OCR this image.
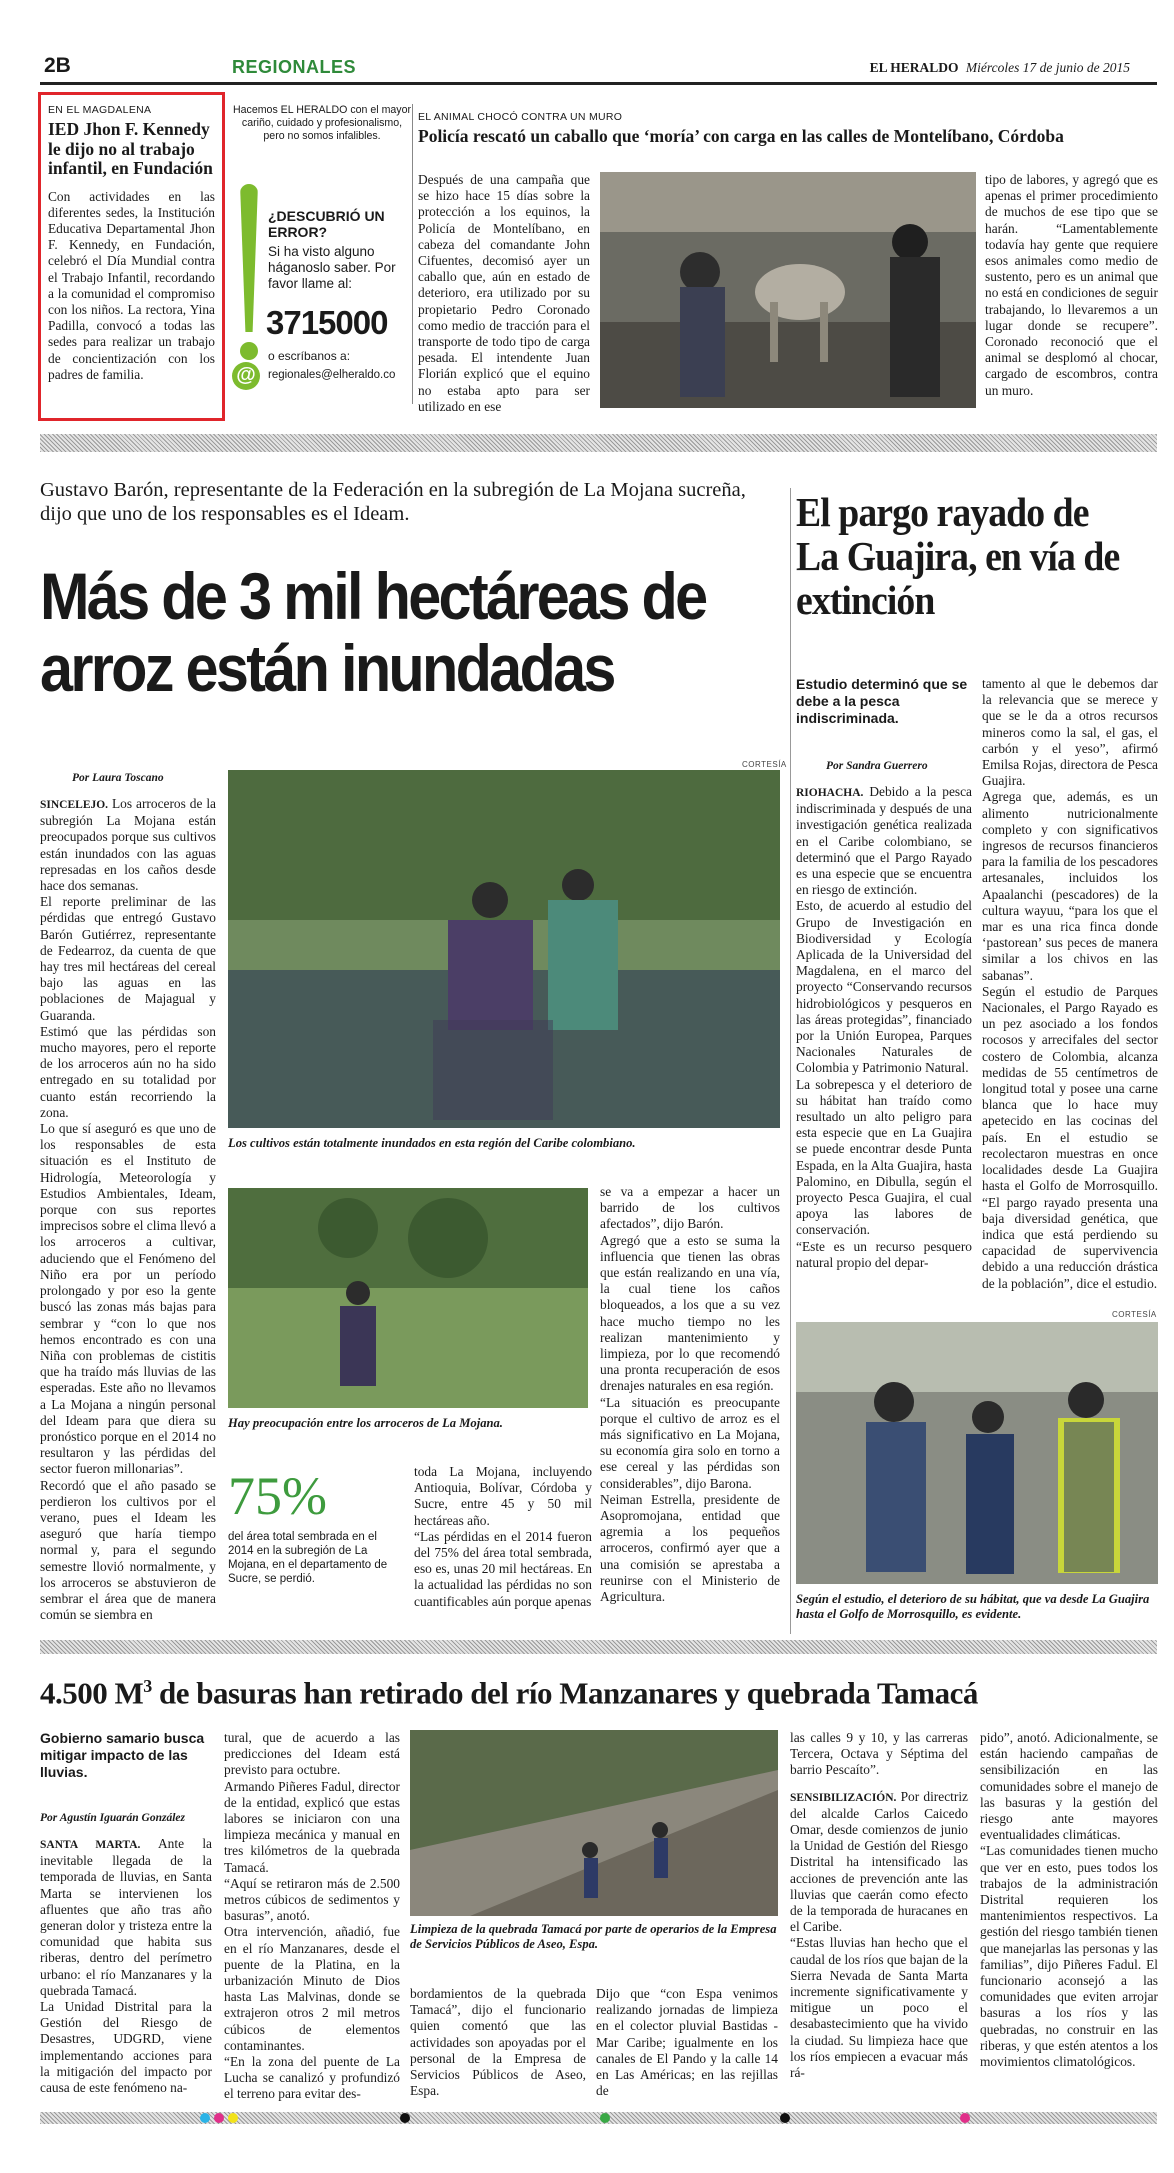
2B	REGIONALES	EL HERALDO Miércoles 17 de junio de 2015
EN EL MAGDALENA
IED Jhon F. Kennedy le dijo no al trabajo infantil, en Fundación
Con actividades en las diferentes sedes, la Institución Educativa Departamental Jhon F. Kennedy, en Fundación, celebró el Día Mundial contra el Trabajo Infantil, recordando a la comunidad el compromiso con los niños. La rectora, Yina Padilla, convocó a todas las sedes para realizar un trabajo de concientización con los padres de familia.
Hacemos EL HERALDO con el mayor cariño, cuidado y profesionalismo, pero no somos infalibles.
¿DESCUBRIÓ UN ERROR?
Si ha visto alguno háganoslo saber. Por favor llame al:
3715000
o escríbanos a:
@	regionales@elheraldo.co
EL ANIMAL CHOCÓ CONTRA UN MURO
Policía rescató un caballo que ‘moría’ con carga en las calles de Montelíbano, Córdoba
Después de una campaña que se hizo hace 15 días sobre la protección a los equinos, la Policía de Montelíbano, en cabeza del comandante John Cifuentes, decomisó ayer un caballo que, aún en estado de deterioro, era utilizado por su propietario Pedro Coronado como medio de tracción para el transporte de todo tipo de carga pesada. El intendente Juan Florián explicó que el equino no estaba apto para ser utilizado en ese
tipo de labores, y agregó que es apenas el primer procedimiento de muchos de ese tipo que se harán. “Lamentablemente todavía hay gente que requiere esos animales como medio de sustento, pero es un animal que no está en condiciones de seguir trabajando, lo llevaremos a un lugar donde se recupere”. Coronado reconoció que el animal se desplomó al chocar, cargado de escombros, contra un muro.
Gustavo Barón, representante de la Federación en la subregión de La Mojana sucreña, dijo que uno de los responsables es el Ideam.
Más de 3 mil hectáreas de arroz están inundadas
Por Laura Toscano
CORTESÍA

SINCELEJO. Los arroceros de la subregión La Mojana están preocupados porque sus cultivos están inundados con las aguas represadas en los caños desde hace dos semanas.

El reporte preliminar de las pérdidas que entregó Gustavo Barón Gutiérrez, representante de Fedearroz, da cuenta de que hay tres mil hectáreas del cereal bajo las aguas en las poblaciones de Majagual y Guaranda.

Estimó que las pérdidas son mucho mayores, pero el reporte de los arroceros aún no ha sido entregado en su totalidad por cuanto están recorriendo la zona.

Lo que sí aseguró es que uno de los responsables de esta situación es el Instituto de Hidrología, Meteorología y Estudios Ambientales, Ideam, porque con sus reportes imprecisos sobre el clima llevó a los arroceros a cultivar, aduciendo que el Fenómeno del Niño era por un período prolongado y por eso la gente buscó las zonas más bajas para sembrar y “con lo que nos hemos encontrado es con una Niña con problemas de cistitis que ha traído más lluvias de las esperadas. Este año no llevamos a La Mojana a ningún personal del Ideam para que diera su pronóstico porque en el 2014 no resultaron y las pérdidas del sector fueron millonarias”.

Recordó que el año pasado se perdieron los cultivos por el verano, pues el Ideam les aseguró que haría tiempo normal y, para el segundo semestre llovió normalmente, y los arroceros se abstuvieron de sembrar el área que de manera común se siembra en

Los cultivos están totalmente inundados en esta región del Caribe colombiano.
Hay preocupación entre los arroceros de La Mojana.

se va a empezar a hacer un barrido de los cultivos afectados”, dijo Barón.

Agregó que a esto se suma la influencia que tienen las obras que están realizando en una vía, la cual tiene los caños bloqueados, a los que a su vez hace mucho tiempo no les realizan mantenimiento y limpieza, por lo que recomendó una pronta recuperación de esos drenajes naturales en esa región.

“La situación es preocupante porque el cultivo de arroz es el más significativo en La Mojana, su economía gira solo en torno a ese cereal y las pérdidas son considerables”, dijo Barona.

Neiman Estrella, presidente de Asopromojana, entidad que agremia a los pequeños arroceros, confirmó ayer que a una comisión se aprestaba a reunirse con el Ministerio de Agricultura.

75%
del área total sembrada en el 2014 en la subregión de La Mojana, en el departamento de Sucre, se perdió.

toda La Mojana, incluyendo Antioquia, Bolívar, Córdoba y Sucre, entre 45 y 50 mil hectáreas año.

“Las pérdidas en el 2014 fueron del 75% del área total sembrada, eso es, unas 20 mil hectáreas. En la actualidad las pérdidas no son cuantificables aún porque apenas

El pargo rayado de La Guajira, en vía de extinción
Estudio determinó que se debe a la pesca indiscriminada.
Por Sandra Guerrero

RIOHACHA. Debido a la pesca indiscriminada y después de una investigación genética realizada en el Caribe colombiano, se determinó que el Pargo Rayado es una especie que se encuentra en riesgo de extinción.

Esto, de acuerdo al estudio del Grupo de Investigación en Biodiversidad y Ecología Aplicada de la Universidad del Magdalena, en el marco del proyecto “Conservando recursos hidrobiológicos y pesqueros en las áreas protegidas”, financiado por la Unión Europea, Parques Nacionales Naturales de Colombia y Patrimonio Natural.

La sobrepesca y el deterioro de su hábitat han traído como resultado un alto peligro para esta especie que en La Guajira se puede encontrar desde Punta Espada, en la Alta Guajira, hasta Palomino, en Dibulla, según el proyecto Pesca Guajira, el cual apoya las labores de conservación.

“Este es un recurso pesquero natural propio del depar-

tamento al que le debemos dar la relevancia que se merece y que se le da a otros recursos mineros como la sal, el gas, el carbón y el yeso”, afirmó Emilsa Rojas, directora de Pesca Guajira.

Agrega que, además, es un alimento nutricionalmente completo y con significativos ingresos de recursos financieros para la familia de los pescadores artesanales, incluidos los Apaalanchi (pescadores) de la cultura wayuu, “para los que el mar es una rica finca donde ‘pastorean’ sus peces de manera similar a los chivos en las sabanas”.

Según el estudio de Parques Nacionales, el Pargo Rayado es un pez asociado a los fondos rocosos y arrecifales del sector costero de Colombia, alcanza medidas de 55 centímetros de longitud total y posee una carne blanca que lo hace muy apetecido en las cocinas del país. En el estudio se recolectaron muestras en once localidades desde La Guajira hasta el Golfo de Morrosquillo. “El pargo rayado presenta una baja diversidad genética, que indica que está perdiendo su capacidad de supervivencia debido a una reducción drástica de la población”, dice el estudio.

CORTESÍA
Según el estudio, el deterioro de su hábitat, que va desde La Guajira hasta el Golfo de Morrosquillo, es evidente.
4.500 $M^3$ de basuras han retirado del río Manzanares y quebrada Tamacá
Gobierno samario busca mitigar impacto de las lluvias.
Por Agustín Iguarán González

SANTA MARTA. Ante la inevitable llegada de la temporada de lluvias, en Santa Marta se intervienen los afluentes que año tras año generan dolor y tristeza entre la comunidad que habita sus riberas, dentro del perímetro urbano: el río Manzanares y la quebrada Tamacá.

La Unidad Distrital para la Gestión del Riesgo de Desastres, UDGRD, viene implementando acciones para la mitigación del impacto por causa de este fenómeno na-

tural, que de acuerdo a las predicciones del Ideam está previsto para octubre.

Armando Piñeres Fadul, director de la entidad, explicó que estas labores se iniciaron con una limpieza mecánica y manual en tres kilómetros de la quebrada Tamacá.

“Aquí se retiraron más de 2.500 metros cúbicos de sedimentos y basuras”, anotó.

Otra intervención, añadió, fue en el río Manzanares, desde el puente de la Platina, en la urbanización Minuto de Dios hasta Las Malvinas, donde se extrajeron otros 2 mil metros cúbicos de elementos contaminantes.

“En la zona del puente de La Lucha se canalizó y profundizó el terreno para evitar des-

Limpieza de la quebrada Tamacá por parte de operarios de la Empresa de Servicios Públicos de Aseo, Espa.
bordamientos de la quebrada Tamacá”, dijo el funcionario quien comentó que las actividades son apoyadas por el personal de la Empresa de Servicios Públicos de Aseo, Espa.
Dijo que “con Espa venimos realizando jornadas de limpieza en el colector pluvial Bastidas - Mar Caribe; igualmente en los canales de El Pando y la calle 14 en Las Américas; en las rejillas de

las calles 9 y 10, y las carreras Tercera, Octava y Séptima del barrio Pescaíto”.

SENSIBILIZACIÓN. Por directriz del alcalde Carlos Caicedo Omar, desde comienzos de junio la Unidad de Gestión del Riesgo Distrital ha intensificado las acciones de prevención ante las lluvias que caerán como efecto de la temporada de huracanes en el Caribe.

“Estas lluvias han hecho que el caudal de los ríos que bajan de la Sierra Nevada de Santa Marta incremente significativamente y mitigue un poco el desabastecimiento que ha vivido la ciudad. Su limpieza hace que los ríos empiecen a evacuar más rá-

pido”, anotó. Adicionalmente, se están haciendo campañas de sensibilización en las comunidades sobre el manejo de las basuras y la gestión del riesgo ante mayores eventualidades climáticas.

“Las comunidades tienen mucho que ver en esto, pues todos los trabajos de la administración Distrital requieren los mantenimientos respectivos. La gestión del riesgo también tienen que manejarlas las personas y las familias”, dijo Piñeres Fadul. El funcionario aconsejó a las comunidades que eviten arrojar basuras a los ríos y las quebradas, no construir en las riberas, y que estén atentos a los movimientos climatológicos.
